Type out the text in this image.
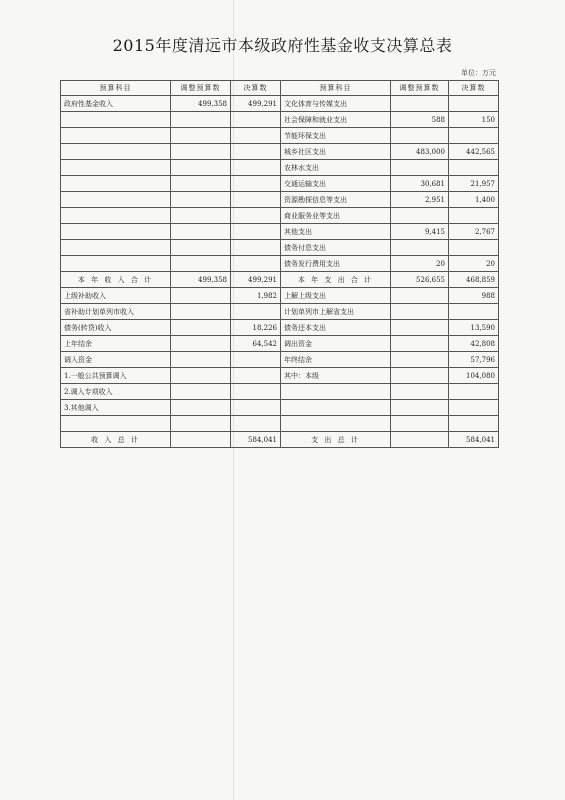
2015年度清远市本级政府性基金收支决算总表
单位：万元
预算科目	调整预算数	决算数	预算科目	调整预算数	决算数
政府性基金收入	499,358	499,291	文化体育与传媒支出		
			社会保障和就业支出	588	150
			节能环保支出		
			城乡社区支出	483,000	442,565
			农林水支出		
			交通运输支出	30,681	21,957
			资源勘探信息等支出	2,951	1,400
			商业服务业等支出		
			其他支出	9,415	2,767
			债务付息支出		
			债务发行费用支出	20	20
本 年 收 入 合 计	499,358	499,291	本 年 支 出 合 计	526,655	468,859
上级补助收入		1,982	上解上级支出		988
省补助计划单列市收入			计划单列市上解省支出		
债务(转贷)收入		18,226	债务还本支出		13,590
上年结余		64,542	调出资金		42,808
调入资金			年终结余		57,796
1.一般公共预算调入			其中：本级		104,080
2.调入专项收入					
3.其他调入					

收 入 总 计		584,041	支 出 总 计		584,041
